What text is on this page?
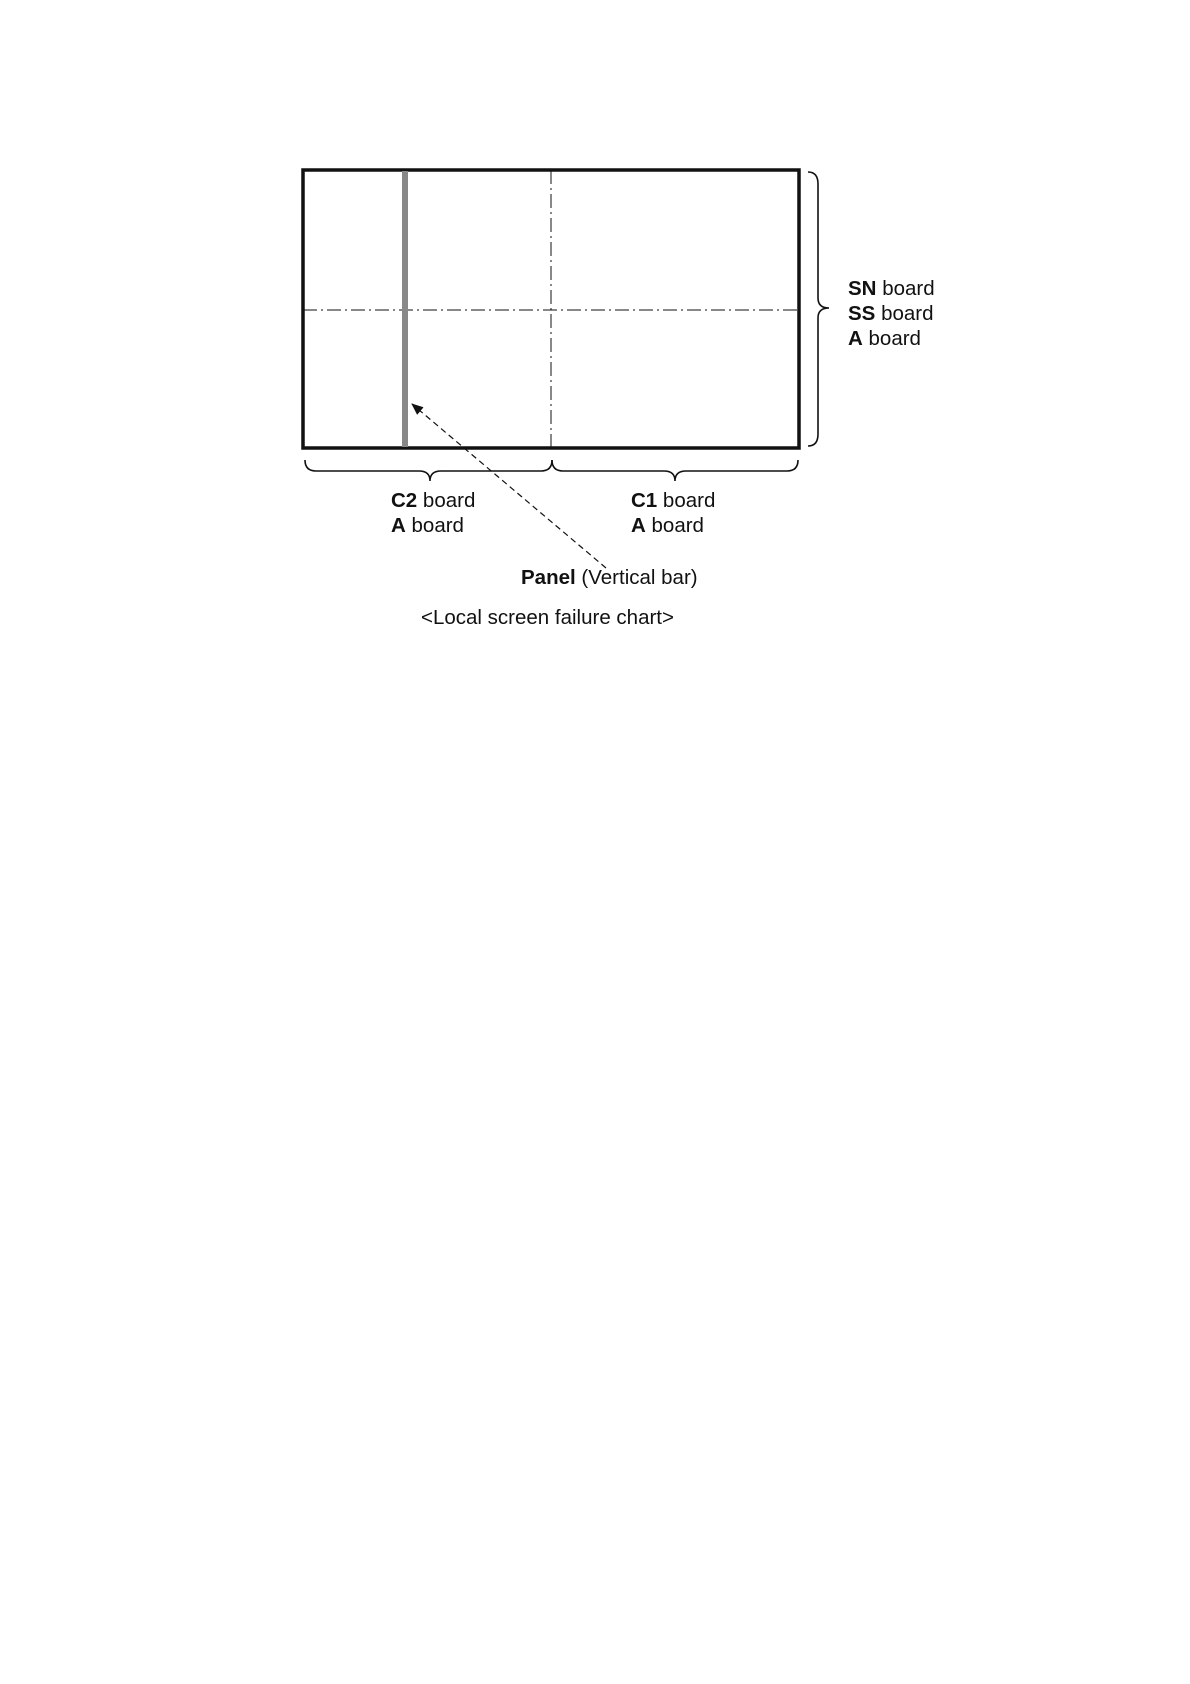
SN board
SS board
A board
C2 board
A board
C1 board
A board
Panel (Vertical bar)
<Local screen failure chart>
